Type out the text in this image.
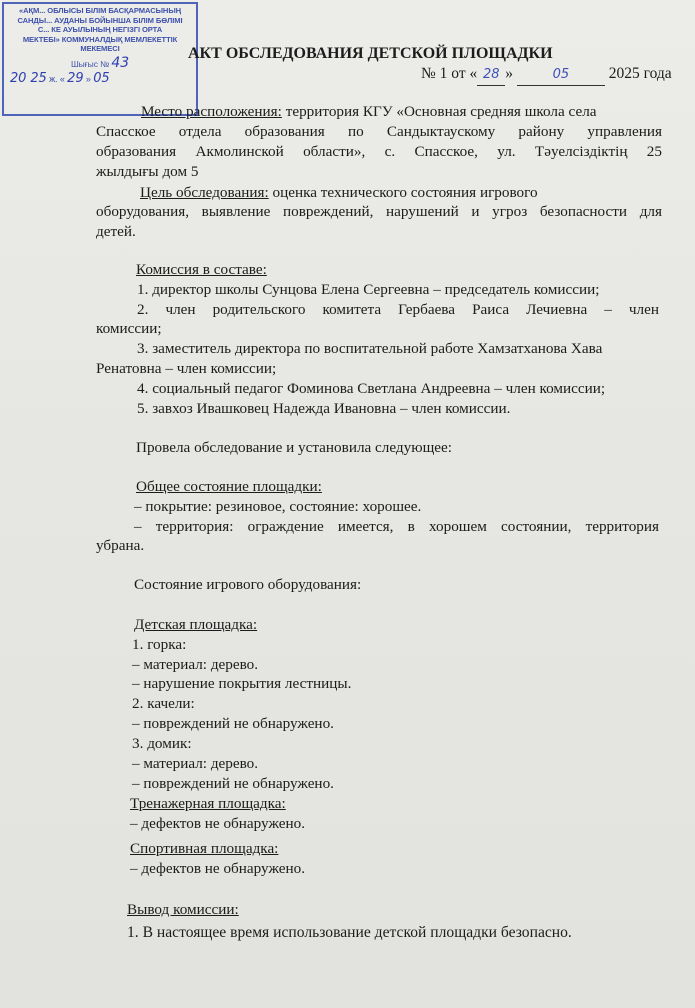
«АҚМ... ОБЛЫСЫ БІЛІМ БАСҚАРМАСЫНЫҢ
САНДЫ... АУДАНЫ БОЙЫНША БІЛІМ БӨЛІМІ
С... КЕ АУЫЛЫНЫҢ НЕГІЗГІ ОРТА
МЕКТЕБІ» КОММУНАЛДЫҚ МЕМЛЕКЕТТІК
МЕКЕМЕСІ
Шығыс № 43
20 25 ж. « 29 » 05
АКТ ОБСЛЕДОВАНИЯ ДЕТСКОЙ ПЛОЩАДКИ
№ 1 от « 28 »	05 2025 года
Место расположения: территория КГУ «Основная средняя школа села
Спасское отдела образования по Сандыктаускому району управления
образования Акмолинской области», с. Спасское, ул. Тәуелсіздіктің 25
жылдығы дом 5
Цель обследования: оценка технического состояния игрового
оборудования, выявление повреждений, нарушений и угроз безопасности для
детей.
Комиссия в составе:
1. директор школы Сунцова Елена Сергеевна – председатель комиссии;
2. член родительского комитета Гербаева Раиса Лечиевна – член
комиссии;
3. заместитель директора по воспитательной работе Хамзатханова Хава
Ренатовна – член комиссии;
4. социальный педагог Фоминова Светлана Андреевна – член комиссии;
5. завхоз Ивашковец Надежда Ивановна – член комиссии.
Провела обследование и установила следующее:
Общее состояние площадки:
– покрытие: резиновое, состояние: хорошее.
– территория: ограждение имеется, в хорошем состоянии, территория
убрана.
Состояние игрового оборудования:
Детская площадка:
1. горка:
– материал: дерево.
– нарушение покрытия лестницы.
2. качели:
– повреждений не обнаружено.
3. домик:
– материал: дерево.
– повреждений не обнаружено.
Тренажерная площадка:
– дефектов не обнаружено.
Спортивная площадка:
– дефектов не обнаружено.
Вывод комиссии:
1. В настоящее время использование детской площадки безопасно.
